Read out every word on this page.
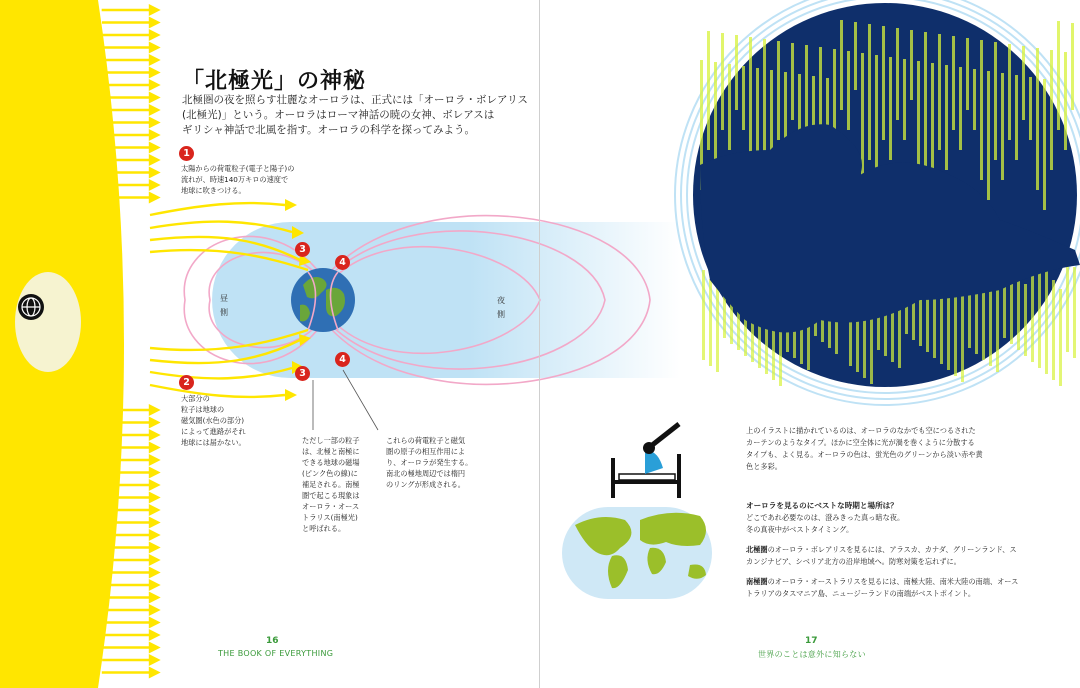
「北極光」の神秘
北極圏の夜を照らす壮麗なオーロラは、正式には「オーロラ・ボレアリス
(北極光)」という。オーロラはローマ神話の暁の女神、ボレアスは
ギリシャ神話で北風を指す。オーロラの科学を探ってみよう。
1
太陽からの荷電粒子(電子と陽子)の
流れが、時速140万キロの速度で
地球に吹きつける。
2
大部分の
粒子は地球の
磁気圏(水色の部分)
によって進路がそれ
地球には届かない。
3
4
4
3
昼側
夜側
ただし一部の粒子
は、北極と南極に
できる地球の磁場
(ピンク色の線)に
補足される。南極
圏で起こる現象は
オーロラ・オース
トラリス(南極光)
と呼ばれる。
これらの荷電粒子と磁気
圏の原子の相互作用によ
り、オーロラが発生する。
南北の極地周辺では楕円
のリングが形成される。
16
THE BOOK OF EVERYTHING
上のイラストに描かれているのは、オーロラのなかでも空につるされた
カーテンのようなタイプ。ほかに空全体に光が渦を巻くように分散する
タイプも、よく見る。オーロラの色は、蛍光色のグリーンから淡い赤や黄
色と多彩。
オーロラを見るのにベストな時期と場所は？
どこであれ必要なのは、澄みきった真っ暗な夜。
冬の真夜中がベストタイミング。
北極圏のオーロラ・ボレアリスを見るには、アラスカ、カナダ、グリーンランド、ス
カンジナビア、シベリア北方の沿岸地域へ。防寒対策を忘れずに。
南極圏のオーロラ・オーストラリスを見るには、南極大陸、南米大陸の南端、オース
トラリアのタスマニア島、ニュージーランドの南端がベストポイント。
17
世界のことは意外に知らない
